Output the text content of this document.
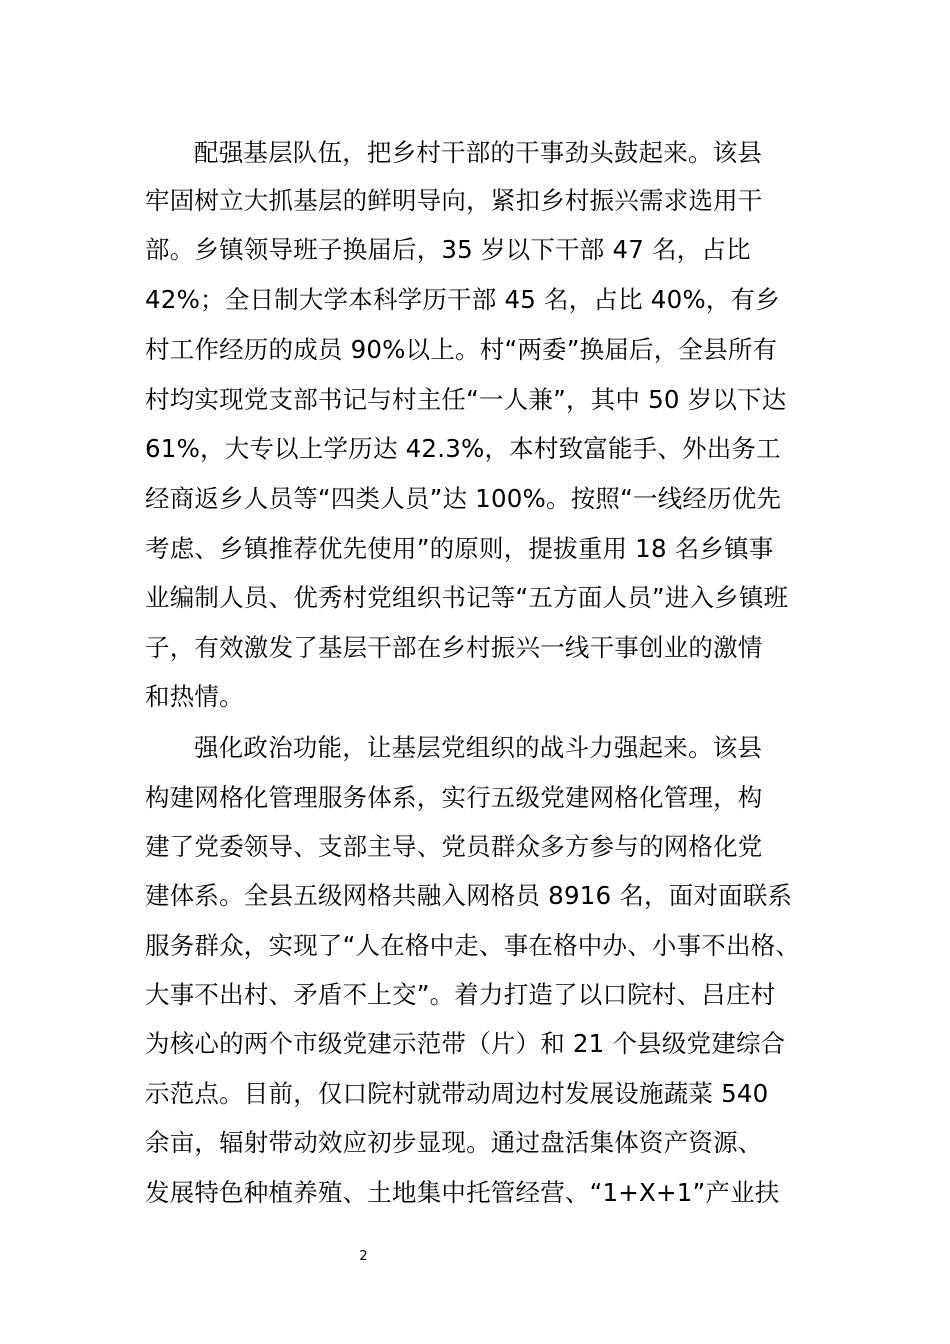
配强基层队伍，把乡村干部的干事劲头鼓起来。该县
牢固树立大抓基层的鲜明导向，紧扣乡村振兴需求选用干
部。乡镇领导班子换届后，35 岁以下干部 47 名，占比
42%；全日制大学本科学历干部 45 名，占比 40%，有乡
村工作经历的成员 90%以上。村“两委”换届后，全县所有
村均实现党支部书记与村主任“一人兼”，其中 50 岁以下达
61%，大专以上学历达 42.3%，本村致富能手、外出务工
经商返乡人员等“四类人员”达 100%。按照“一线经历优先
考虑、乡镇推荐优先使用”的原则，提拔重用 18 名乡镇事
业编制人员、优秀村党组织书记等“五方面人员”进入乡镇班
子，有效激发了基层干部在乡村振兴一线干事创业的激情
和热情。
强化政治功能，让基层党组织的战斗力强起来。该县
构建网格化管理服务体系，实行五级党建网格化管理，构
建了党委领导、支部主导、党员群众多方参与的网格化党
建体系。全县五级网格共融入网格员 8916 名，面对面联系
服务群众，实现了“人在格中走、事在格中办、小事不出格、
大事不出村、矛盾不上交”。着力打造了以口院村、吕庄村
为核心的两个市级党建示范带（片）和 21 个县级党建综合
示范点。目前，仅口院村就带动周边村发展设施蔬菜 540
余亩，辐射带动效应初步显现。通过盘活集体资产资源、
发展特色种植养殖、土地集中托管经营、“1+X+1”产业扶
2
